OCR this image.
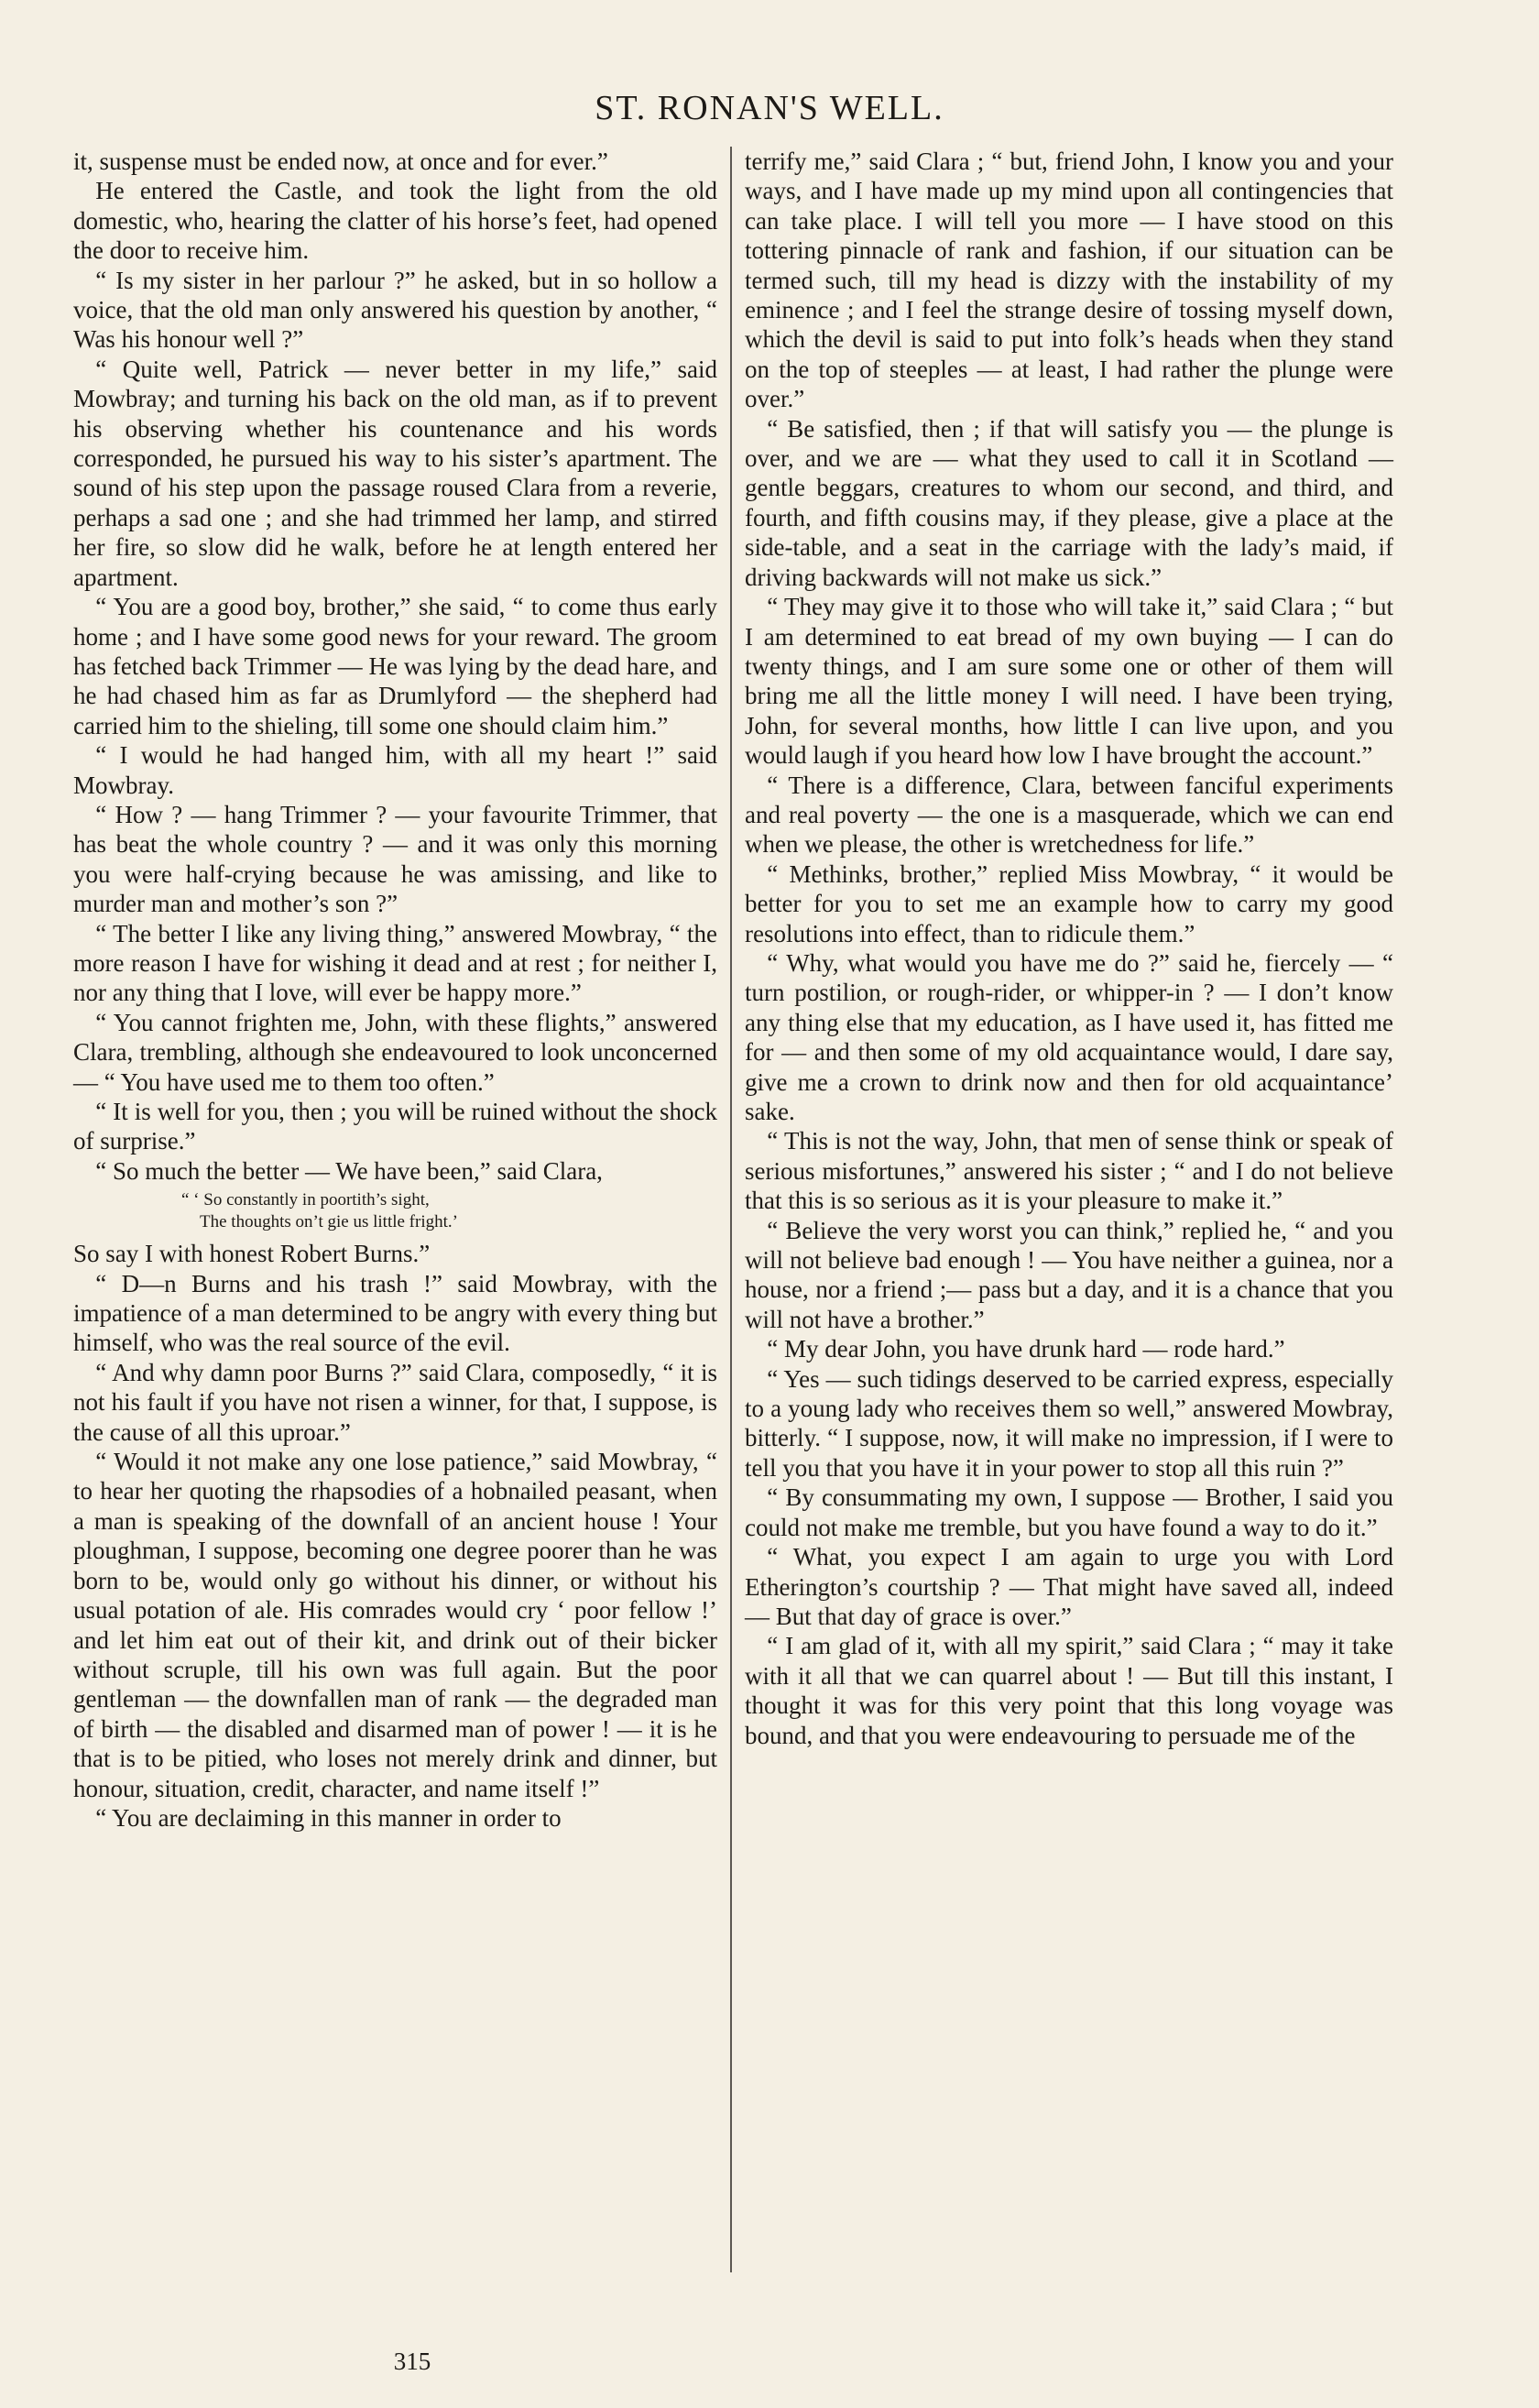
ST. RONAN'S WELL.

it, suspense must be ended now, at once and for ever.”

He entered the Castle, and took the light from the old domestic, who, hearing the clatter of his horse’s feet, had opened the door to receive him.

“ Is my sister in her parlour ?” he asked, but in so hollow a voice, that the old man only answered his question by another, “ Was his honour well ?”

“ Quite well, Patrick — never better in my life,” said Mowbray; and turning his back on the old man, as if to prevent his observing whether his countenance and his words corresponded, he pursued his way to his sister’s apartment. The sound of his step upon the passage roused Clara from a reverie, perhaps a sad one ; and she had trimmed her lamp, and stirred her fire, so slow did he walk, before he at length entered her apartment.

“ You are a good boy, brother,” she said, “ to come thus early home ; and I have some good news for your reward. The groom has fetched back Trimmer — He was lying by the dead hare, and he had chased him as far as Drumlyford — the shepherd had carried him to the shieling, till some one should claim him.”

“ I would he had hanged him, with all my heart !” said Mowbray.

“ How ? — hang Trimmer ? — your favourite Trimmer, that has beat the whole country ? — and it was only this morning you were half-crying because he was amissing, and like to murder man and mother’s son ?”

“ The better I like any living thing,” answered Mowbray, “ the more reason I have for wishing it dead and at rest ; for neither I, nor any thing that I love, will ever be happy more.”

“ You cannot frighten me, John, with these flights,” answered Clara, trembling, although she endeavoured to look unconcerned — “ You have used me to them too often.”

“ It is well for you, then ; you will be ruined without the shock of surprise.”

“ So much the better — We have been,” said Clara,

“ ‘ So constantly in poortith’s sight,
The thoughts on’t gie us little fright.’

So say I with honest Robert Burns.”

“ D—n Burns and his trash !” said Mowbray, with the impatience of a man determined to be angry with every thing but himself, who was the real source of the evil.

“ And why damn poor Burns ?” said Clara, composedly, “ it is not his fault if you have not risen a winner, for that, I suppose, is the cause of all this uproar.”

“ Would it not make any one lose patience,” said Mowbray, “ to hear her quoting the rhapsodies of a hobnailed peasant, when a man is speaking of the downfall of an ancient house ! Your ploughman, I suppose, becoming one degree poorer than he was born to be, would only go without his dinner, or without his usual potation of ale. His comrades would cry ‘ poor fellow !’ and let him eat out of their kit, and drink out of their bicker without scruple, till his own was full again. But the poor gentleman — the downfallen man of rank — the degraded man of birth — the disabled and disarmed man of power ! — it is he that is to be pitied, who loses not merely drink and dinner, but honour, situation, credit, character, and name itself !”

“ You are declaiming in this manner in order to

terrify me,” said Clara ; “ but, friend John, I know you and your ways, and I have made up my mind upon all contingencies that can take place. I will tell you more — I have stood on this tottering pinnacle of rank and fashion, if our situation can be termed such, till my head is dizzy with the instability of my eminence ; and I feel the strange desire of tossing myself down, which the devil is said to put into folk’s heads when they stand on the top of steeples — at least, I had rather the plunge were over.”

“ Be satisfied, then ; if that will satisfy you — the plunge is over, and we are — what they used to call it in Scotland — gentle beggars, creatures to whom our second, and third, and fourth, and fifth cousins may, if they please, give a place at the side-table, and a seat in the carriage with the lady’s maid, if driving backwards will not make us sick.”

“ They may give it to those who will take it,” said Clara ; “ but I am determined to eat bread of my own buying — I can do twenty things, and I am sure some one or other of them will bring me all the little money I will need. I have been trying, John, for several months, how little I can live upon, and you would laugh if you heard how low I have brought the account.”

“ There is a difference, Clara, between fanciful experiments and real poverty — the one is a masquerade, which we can end when we please, the other is wretchedness for life.”

“ Methinks, brother,” replied Miss Mowbray, “ it would be better for you to set me an example how to carry my good resolutions into effect, than to ridicule them.”

“ Why, what would you have me do ?” said he, fiercely — “ turn postilion, or rough-rider, or whipper-in ? — I don’t know any thing else that my education, as I have used it, has fitted me for — and then some of my old acquaintance would, I dare say, give me a crown to drink now and then for old acquaintance’ sake.

“ This is not the way, John, that men of sense think or speak of serious misfortunes,” answered his sister ; “ and I do not believe that this is so serious as it is your pleasure to make it.”

“ Believe the very worst you can think,” replied he, “ and you will not believe bad enough ! — You have neither a guinea, nor a house, nor a friend ;— pass but a day, and it is a chance that you will not have a brother.”

“ My dear John, you have drunk hard — rode hard.”

“ Yes — such tidings deserved to be carried express, especially to a young lady who receives them so well,” answered Mowbray, bitterly. “ I suppose, now, it will make no impression, if I were to tell you that you have it in your power to stop all this ruin ?”

“ By consummating my own, I suppose — Brother, I said you could not make me tremble, but you have found a way to do it.”

“ What, you expect I am again to urge you with Lord Etherington’s courtship ? — That might have saved all, indeed — But that day of grace is over.”

“ I am glad of it, with all my spirit,” said Clara ; “ may it take with it all that we can quarrel about ! — But till this instant, I thought it was for this very point that this long voyage was bound, and that you were endeavouring to persuade me of the

315
